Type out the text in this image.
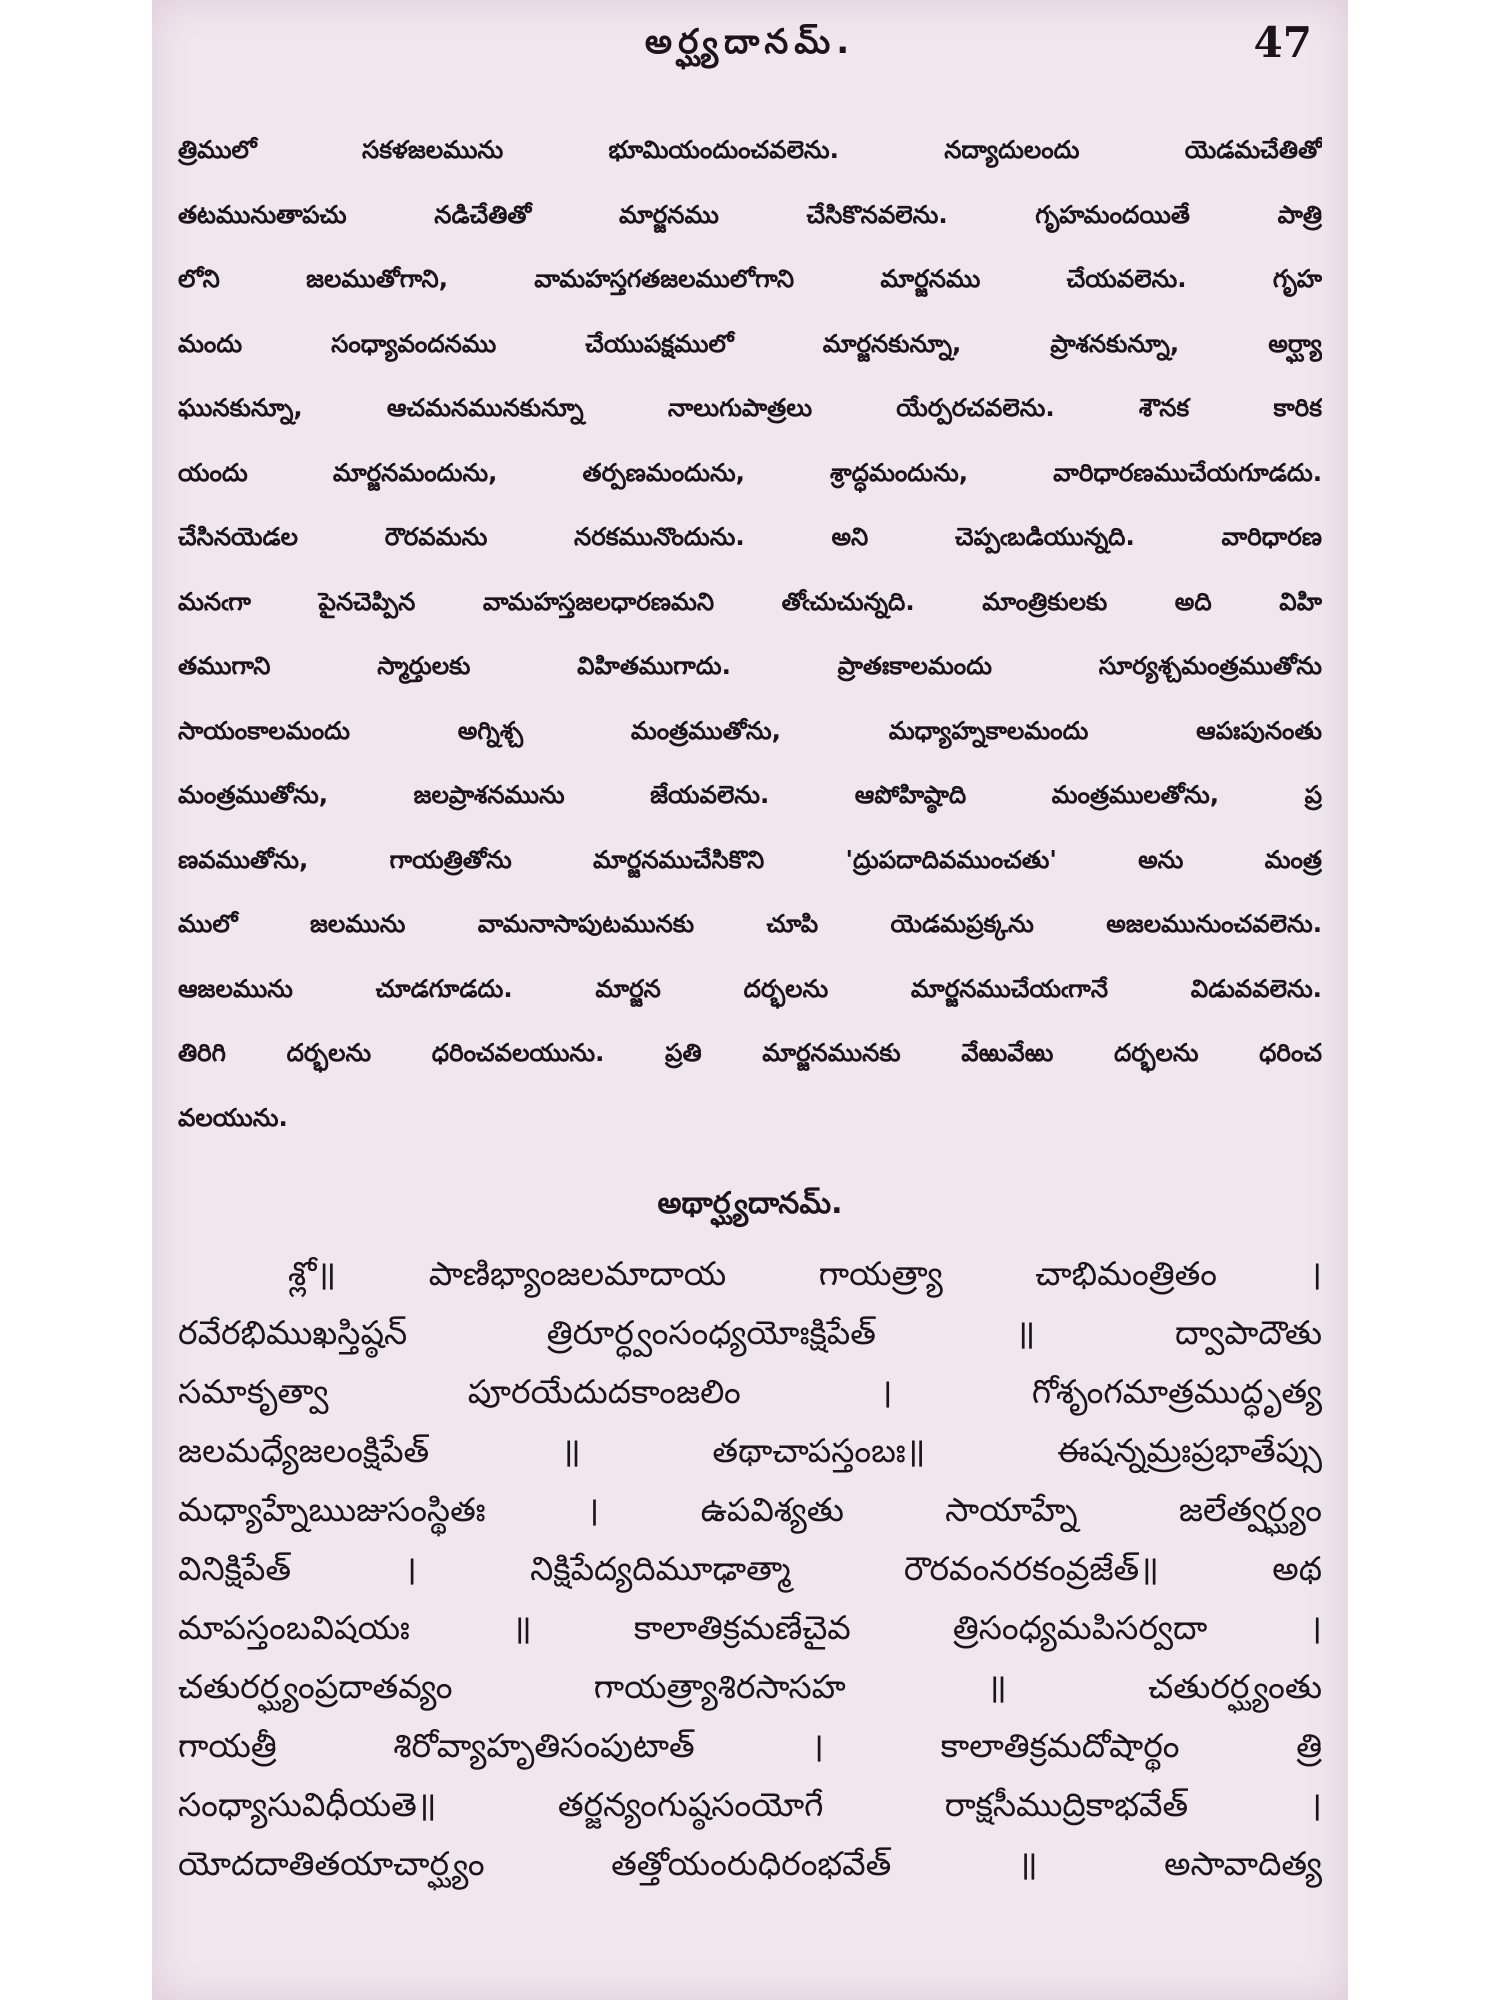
అర్ఘ్యదానమ్.	47
త్రిములో సకళజలమును భూమియందుంచవలెను. నద్యాదులందు యెడమచేతితో
తటమునుతాపచు నడిచేతితో మార్జనము చేసికొనవలెను. గృహమందయితే పాత్రి
లోని జలముతోగాని, వామహస్తగతజలములోగాని మార్జనము చేయవలెను. గృహ
మందు సంధ్యావందనము చేయుపక్షములో మార్జనకున్నూ, ప్రాశనకున్నూ, అర్ఘ్యా
ఘునకున్నూ, ఆచమనమునకున్నూ నాలుగుపాత్రలు యేర్పరచవలెను. శౌనక కారిక
యందు మార్జనమందును, తర్పణమందును, శ్రాద్ధమందును, వారిధారణముచేయగూడదు.
చేసినయెడల రౌరవమను నరకమునొందును. అని చెప్పఁబడియున్నది. వారిధారణ
మనఁగా పైనచెప్పిన వామహస్తజలధారణమని తోఁచుచున్నది. మాంత్రికులకు అది విహి
తముగాని స్మార్తులకు విహితముగాదు. ప్రాతఃకాలమందు సూర్యశ్చమంత్రముతోను
సాయంకాలమందు అగ్నిశ్చ మంత్రముతోను, మధ్యాహ్నకాలమందు ఆపఃపునంతు
మంత్రముతోను, జలప్రాశనమును జేయవలెను. ఆపోహిష్ఠాది మంత్రములతోను, ప్ర
ణవముతోను, గాయత్రితోను మార్జనముచేసికొని 'ద్రుపదాదివముంచతు' అను మంత్ర
ములో జలమును వామనాసాపుటమునకు చూపి యెడమప్రక్కను అజలమునుంచవలెను.
ఆజలమును చూడగూడదు. మార్జన దర్భలను మార్జనముచేయఁగానే విడువవలెను.
తిరిగి దర్భలను ధరించవలయును. ప్రతి మార్జనమునకు వేఱువేఱు దర్భలను ధరించ
వలయును.
అథార్ఘ్యదానమ్.
శ్లో॥ పాణిభ్యాంజలమాదాయ గాయత్ర్యా చాభిమంత్రితం ।
రవేరభిముఖస్తిష్ఠన్ త్రిరూర్ధ్వంసంధ్యయోఃక్షిపేత్ ॥ ద్వాపాదౌతు
సమాకృత్వా పూరయేదుదకాంజలిం । గోశృంగమాత్రముద్ధృత్య
జలమధ్యేజలంక్షిపేత్ ॥ తథాచాపస్తంబః॥ ఈషన్నమ్రఃప్రభాతేప్సు
మధ్యాహ్నేఋజుసంస్థితః । ఉపవిశ్యతు సాయాహ్నే జలేత్వర్ఘ్యం
వినిక్షిపేత్ । నిక్షిపేద్యదిమూఢాత్మా రౌరవంనరకంవ్రజేత్॥ అథ
మాపస్తంబవిషయః ॥ కాలాతిక్రమణేచైవ త్రిసంధ్యమపిసర్వదా ।
చతురర్ఘ్యంప్రదాతవ్యం గాయత్ర్యాశిరసాసహ ॥ చతురర్ఘ్యంతు
గాయత్రీ శిరోవ్యాహృతిసంపుటాత్ । కాలాతిక్రమదోషార్థం త్రి
సంధ్యాసువిధీయతె॥ తర్జన్యంగుష్ఠసంయోగే రాక్షసీముద్రికాభవేత్ ।
యోదదాతితయాచార్ఘ్యం తత్తోయంరుధిరంభవేత్ ॥ అసావాదిత్య
